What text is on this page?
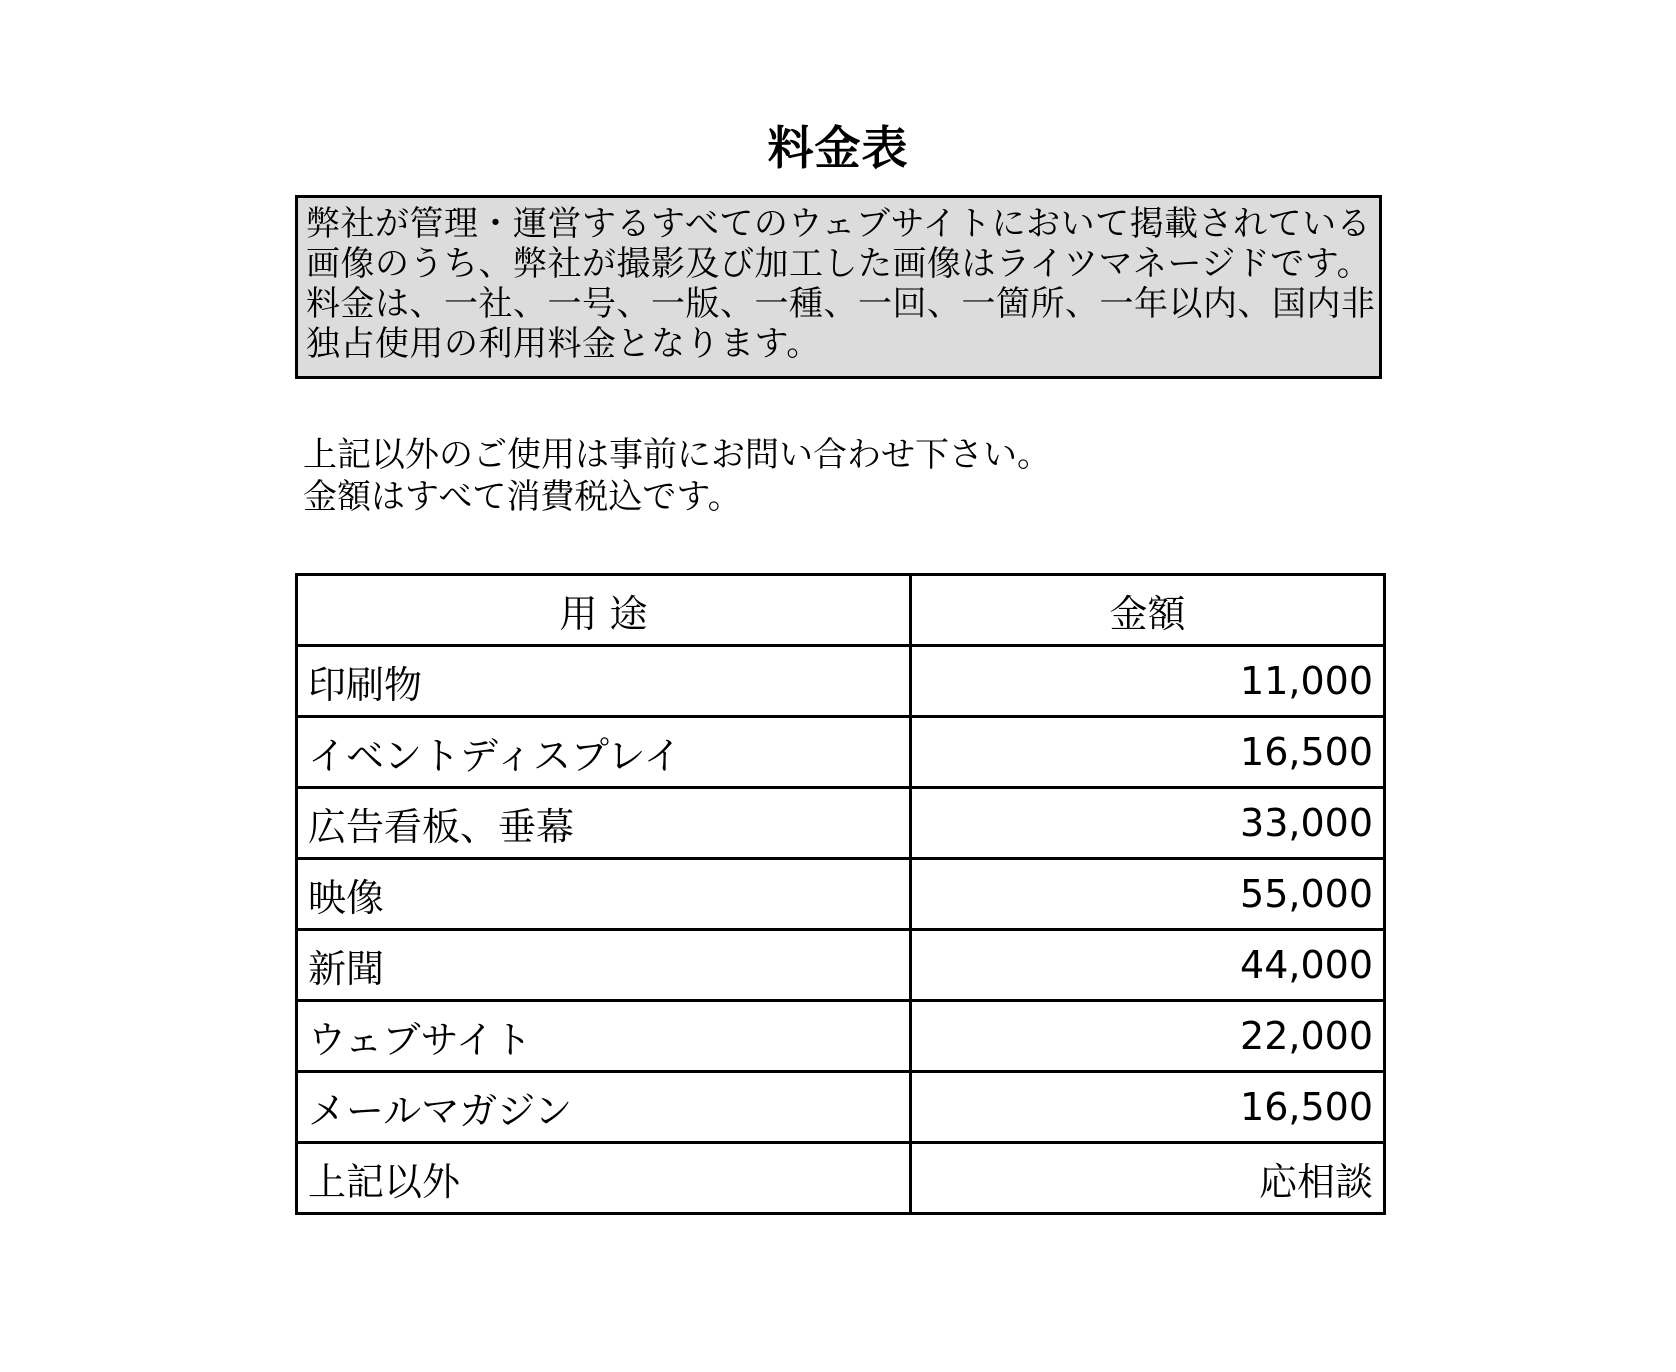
料金表
弊社が管理・運営するすべてのウェブサイトにおいて掲載されている
画像のうち、弊社が撮影及び加工した画像はライツマネージドです。
料金は、一社、一号、一版、一種、一回、一箇所、一年以内、国内非
独占使用の利用料金となります。
上記以外のご使用は事前にお問い合わせ下さい。
金額はすべて消費税込です。
用 途	金額
印刷物	11,000
イベントディスプレイ	16,500
広告看板、垂幕	33,000
映像	55,000
新聞	44,000
ウェブサイト	22,000
メールマガジン	16,500
上記以外	応相談
